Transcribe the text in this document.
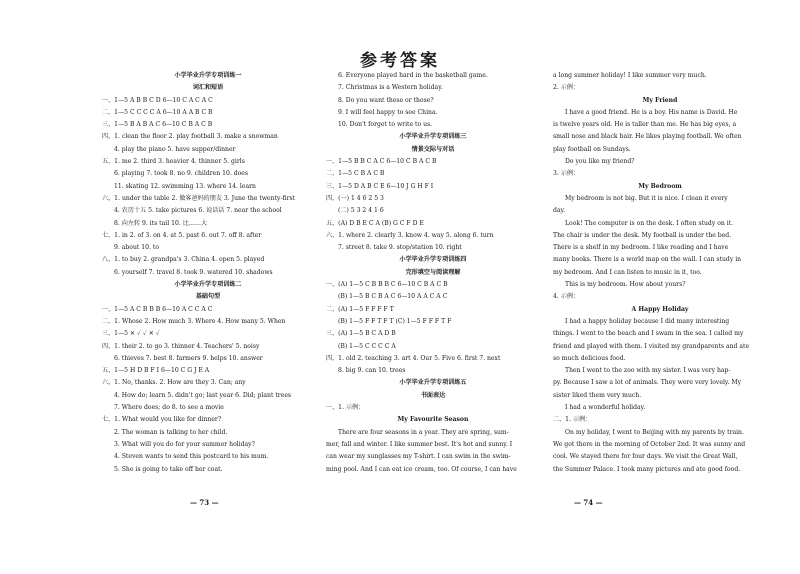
参考答案
小学毕业升学专项训练一
词汇和短语
一、1—5 A B B C D 6—10 C A C A C
二、1—5 C C C C A 6—10 A A B C B
三、1—5 B A B A C 6—10 C B A C B
四、1. clean the floor 2. play football 3. make a snowman
4. play the piano 5. have supper/dinner
五、1. me 2. third 3. heavier 4. thinner 5. girls
6. playing 7. took 8. no 9. children 10. does
11. skating 12. swimming 13. where 14. learn
六、1. under the table 2. 做客爸妈的朋友 3. June the twenty-first
4. 农历十五 5. take pictures 6. 说话话 7. near the school
8. 向左转 9. its tail 10. 比……大
七、1. in 2. of 3. on 4. at 5. past 6. out 7. off 8. after
9. about 10. to
八、1. to buy 2. grandpa's 3. China 4. open 5. played
6. yourself 7. travel 8. took 9. watered 10. shadows
小学毕业升学专项训练二
基础句型
一、1—5 A C B B B 6—10 A C C A C
二、1. Whose 2. How much 3. Where 4. How many 5. When
三、1—5 ✕ ✓ ✓ ✕ ✓
四、1. their 2. to go 3. thinner 4. Teachers' 5. noisy
6. thieves 7. best 8. farmers 9. helps 10. answer
五、1—5 H D B F I 6—10 C G J E A
六、1. No, thanks. 2. How are they 3. Can; any
4. How do; learn 5. didn't go; last year 6. Did; plant trees
7. Where does; do 8. to see a movie
七、1. What would you like for dinner?
2. The woman is talking to her child.
3. What will you do for your summer holiday?
4. Steven wants to send this postcard to his mum.
5. She is going to take off her coat.
6. Everyone played hard in the basketball game.
7. Christmas is a Western holiday.
8. Do you want these or those?
9. I will feel happy to see China.
10. Don't forget to write to us.
小学毕业升学专项训练三
情景交际与对话
一、1—5 B B C A C 6—10 C B A C B
二、1—5 C B A C B
三、1—5 D A B C E 6—10 J G H F I
四、(一) 1 4 6 2 5 3
(二) 5 3 2 4 1 6
五、(A) D B E C A (B) G C F D E
六、1. where 2. clearly 3. know 4. way 5. along 6. turn
7. street 8. take 9. stop/station 10. right
小学毕业升学专项训练四
完形填空与阅读理解
一、(A) 1—5 C B B B C 6—10 C B A C B
(B) 1—5 B C B A C 6—10 A A C A C
二、(A) 1—5 F F F F T
(B) 1—5 F F T F T (C) 1—5 F F F T F
三、(A) 1—5 B C A D B
(B) 1—5 C C C C A
四、1. old 2. teaching 3. art 4. Our 5. Five 6. first 7. next
8. big 9. can 10. trees
小学毕业升学专项训练五
书面表达
一、1. 示例：
My Favourite Season
There are four seasons in a year. They are spring, sum-
mer, fall and winter. I like summer best. It's hot and sunny. I
can wear my sunglasses my T-shirt. I can swim in the swim-
ming pool. And I can eat ice cream, too. Of course, I can have
a long summer holiday! I like summer very much.
2. 示例：
My Friend
I have a good friend. He is a boy. His name is David. He
is twelve years old. He is taller than me. He has big eyes, a
small nose and black hair. He likes playing football. We often
play football on Sundays.
Do you like my friend?
3. 示例：
My Bedroom
My bedroom is not big. But it is nice. I clean it every
day.
Look! The computer is on the desk. I often study on it.
The chair is under the desk. My football is under the bed.
There is a shelf in my bedroom. I like reading and I have
many books. There is a world map on the wall. I can study in
my bedroom. And I can listen to music in it, too.
This is my bedroom. How about yours?
4. 示例：
A Happy Holiday
I had a happy holiday because I did many interesting
things. I went to the beach and I swam in the sea. I called my
friend and played with them. I visited my grandparents and ate
so much delicious food.
Then I went to the zoo with my sister. I was very hap-
py. Because I saw a lot of animals. They were very lovely. My
sister liked them very much.
I had a wonderful holiday.
二、1. 示例：
On my holiday, I went to Beijing with my parents by train.
We got there in the morning of October 2nd. It was sunny and
cool. We stayed there for four days. We visit the Great Wall,
the Summer Palace. I took many pictures and ate good food.
— 73 —	— 74 —
